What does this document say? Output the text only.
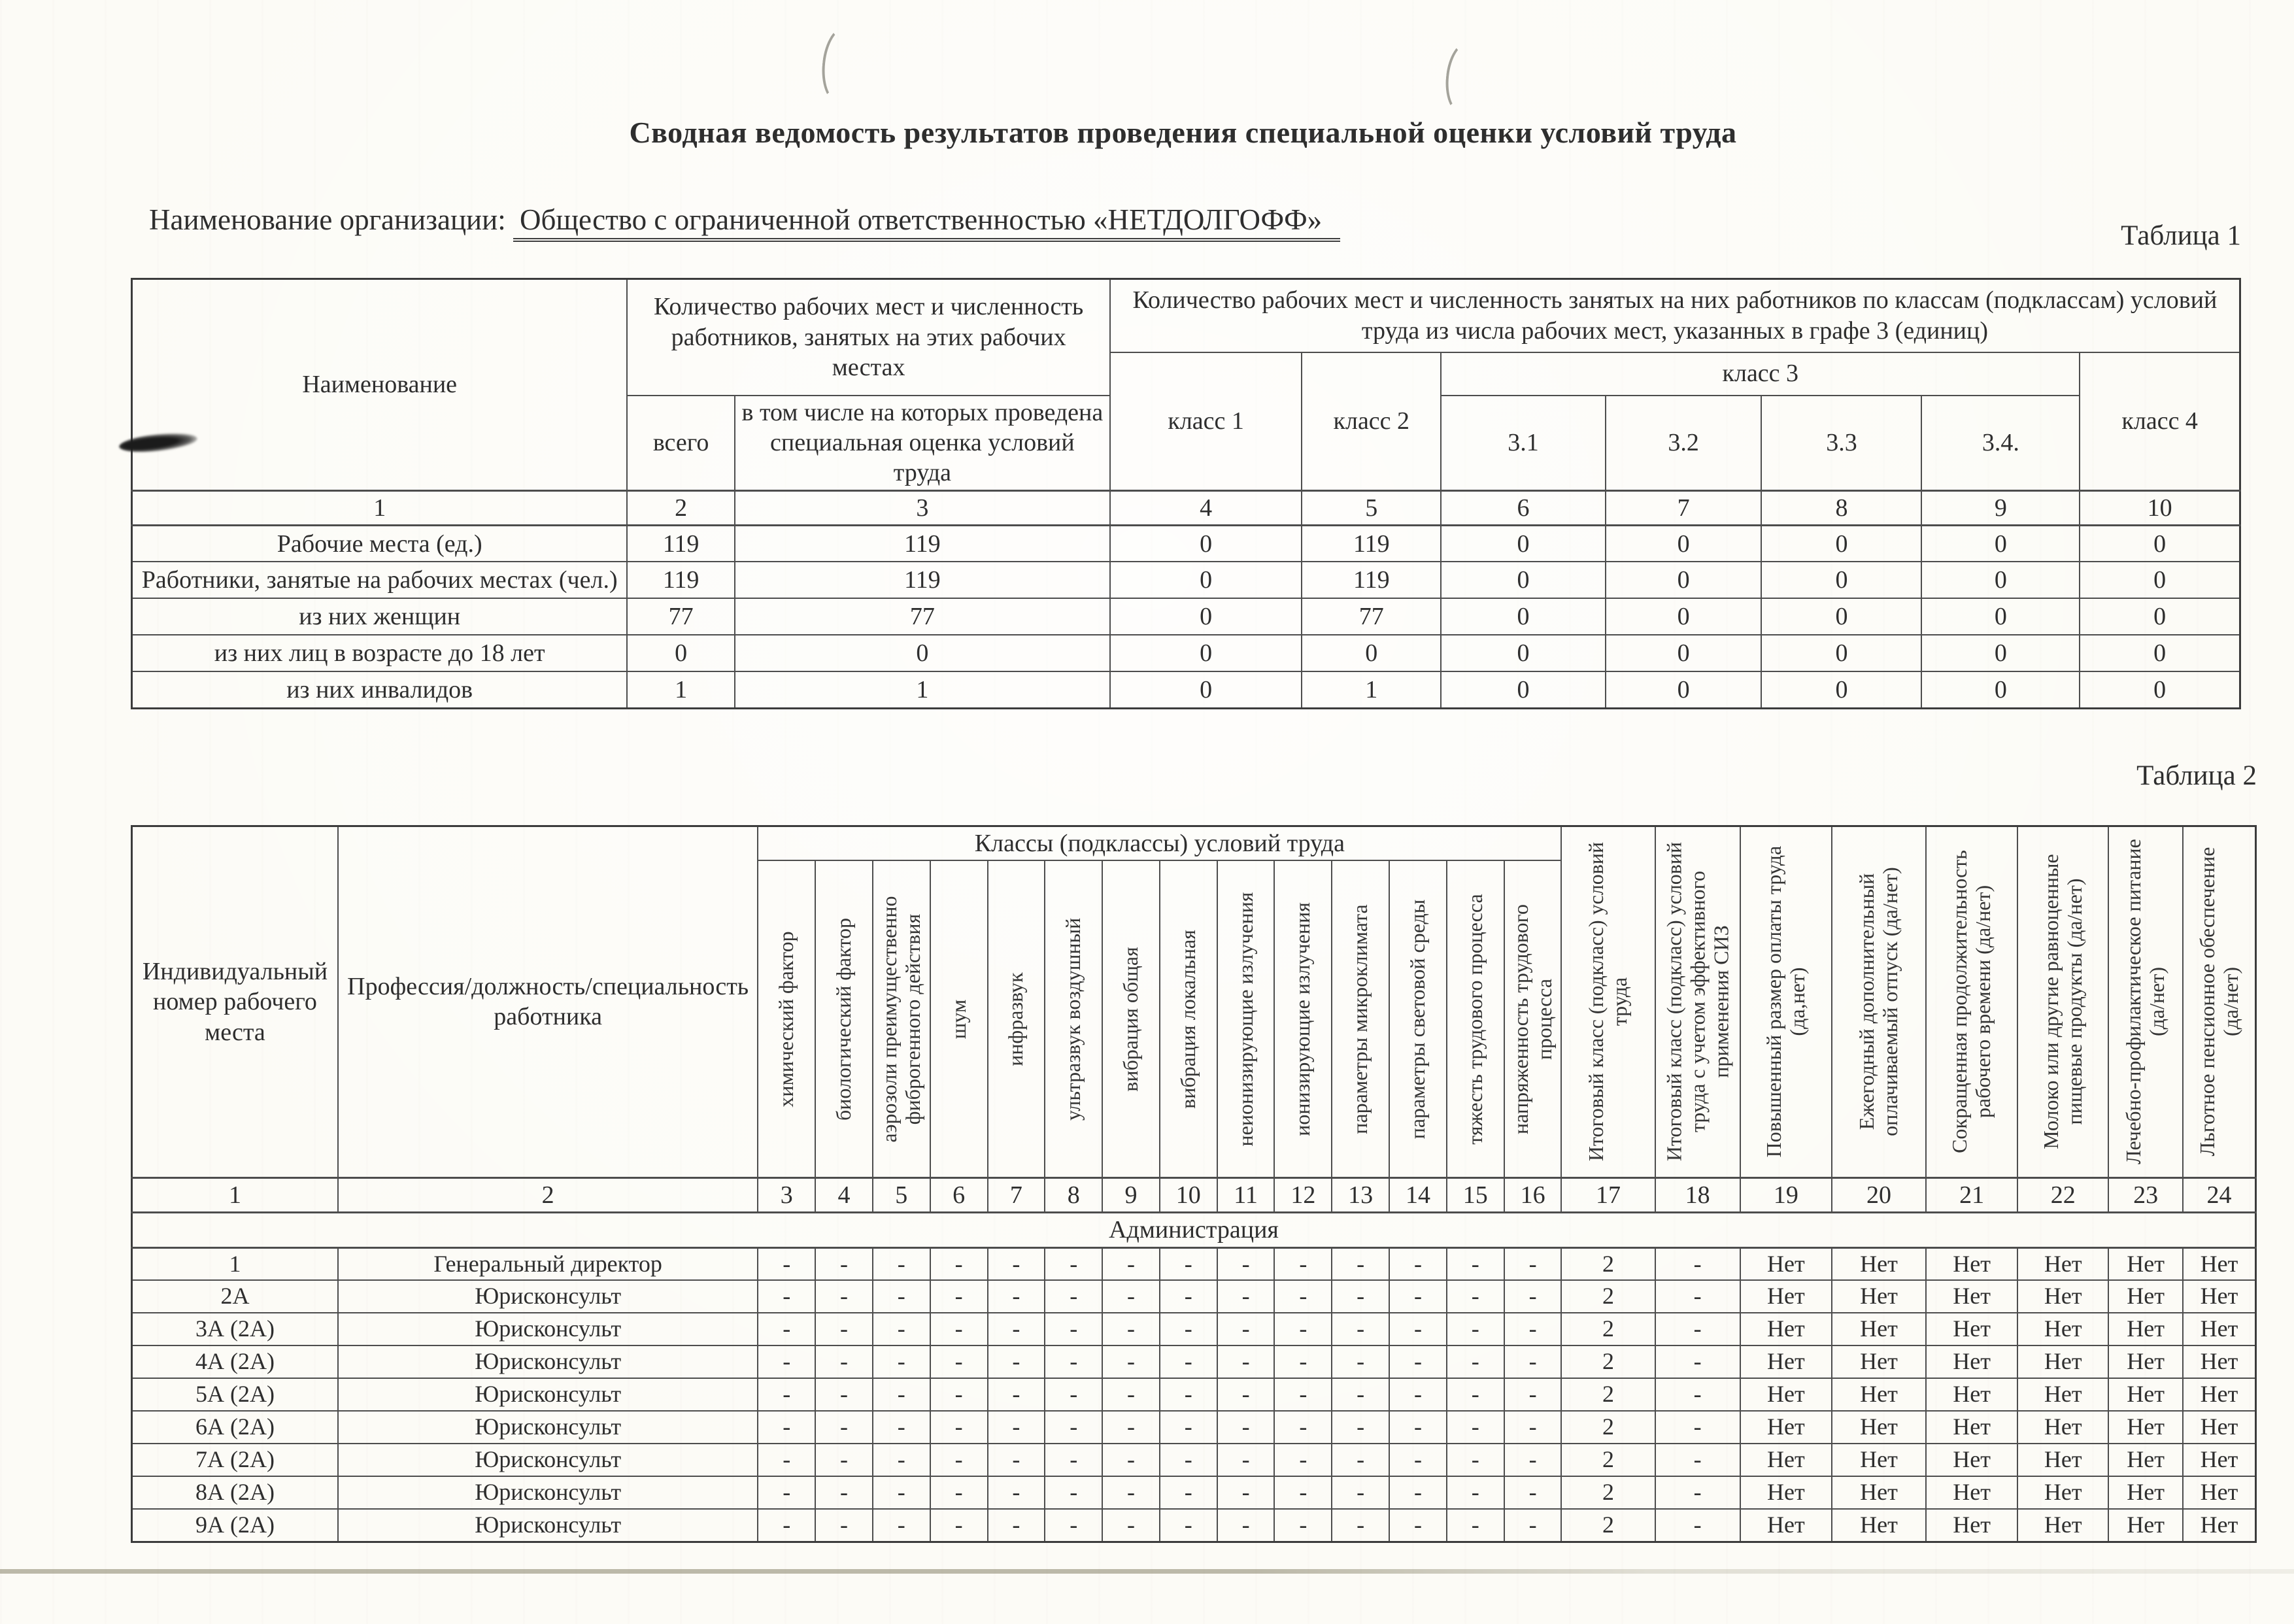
Сводная ведомость результатов проведения специальной оценки условий труда
Наименование организации: Общество с ограниченной ответственностью «НЕТДОЛГОФФ»	Таблица 1
Наименование	Количество рабочих мест и численность работников, занятых на этих рабочих местах		Количество рабочих мест и численность занятых на них работников по классам (подклассам) условий труда из числа рабочих мест, указанных в графе 3 (единиц)						
			класс 1	класс 2	класс 3				класс 4
	всего	в том числе на которых проведена специальная оценка условий труда			3.1	3.2	3.3	3.4.	
1	2	3	4	5	6	7	8	9	10
Рабочие места (ед.)	119	119	0	119	0	0	0	0	0
Работники, занятые на рабочих местах (чел.)	119	119	0	119	0	0	0	0	0
из них женщин	77	77	0	77	0	0	0	0	0
из них лиц в возрасте до 18 лет	0	0	0	0	0	0	0	0	0
из них инвалидов	1	1	0	1	0	0	0	0	0
Таблица 2
Индивидуальный номер рабочего места	Профессия/должность/специальность работника	Классы (подклассы) условий труда														Итоговый класс (подкласс) условий труда	Итоговый класс (подкласс) условий труда с учетом эффективного применения СИЗ	Повышенный размер оплаты труда (да,нет)	Ежегодный дополнительный оплачиваемый отпуск (да/нет)	Сокращенная продолжительность рабочего времени (да/нет)	Молоко или другие равноценные пищевые продукты (да/нет)	Лечебно-профилактическое питание (да/нет)	Льготное пенсионное обеспечение (да/нет)

		химический фактор	биологический фактор	аэрозоли преимущественно фиброгенного действия	шум	инфразвук	ультразвук воздушный	вибрация общая	вибрация локальная	неионизирующие излучения	ионизирующие излучения	параметры микроклимата	параметры световой среды	тяжесть трудового процесса	напряженность трудового процесса								

1	2	3	4	5	6	7	8	9	10	11	12	13	14	15	16	17	18	19	20	21	22	23	24
Администрация																							
1	Генеральный директор	-	-	-	-	-	-	-	-	-	-	-	-	-	-	2	-	Нет	Нет	Нет	Нет	Нет	Нет
2А	Юрисконсульт	-	-	-	-	-	-	-	-	-	-	-	-	-	-	2	-	Нет	Нет	Нет	Нет	Нет	Нет
3А (2А)	Юрисконсульт	-	-	-	-	-	-	-	-	-	-	-	-	-	-	2	-	Нет	Нет	Нет	Нет	Нет	Нет
4А (2А)	Юрисконсульт	-	-	-	-	-	-	-	-	-	-	-	-	-	-	2	-	Нет	Нет	Нет	Нет	Нет	Нет
5А (2А)	Юрисконсульт	-	-	-	-	-	-	-	-	-	-	-	-	-	-	2	-	Нет	Нет	Нет	Нет	Нет	Нет
6А (2А)	Юрисконсульт	-	-	-	-	-	-	-	-	-	-	-	-	-	-	2	-	Нет	Нет	Нет	Нет	Нет	Нет
7А (2А)	Юрисконсульт	-	-	-	-	-	-	-	-	-	-	-	-	-	-	2	-	Нет	Нет	Нет	Нет	Нет	Нет
8А (2А)	Юрисконсульт	-	-	-	-	-	-	-	-	-	-	-	-	-	-	2	-	Нет	Нет	Нет	Нет	Нет	Нет
9А (2А)	Юрисконсульт	-	-	-	-	-	-	-	-	-	-	-	-	-	-	2	-	Нет	Нет	Нет	Нет	Нет	Нет
